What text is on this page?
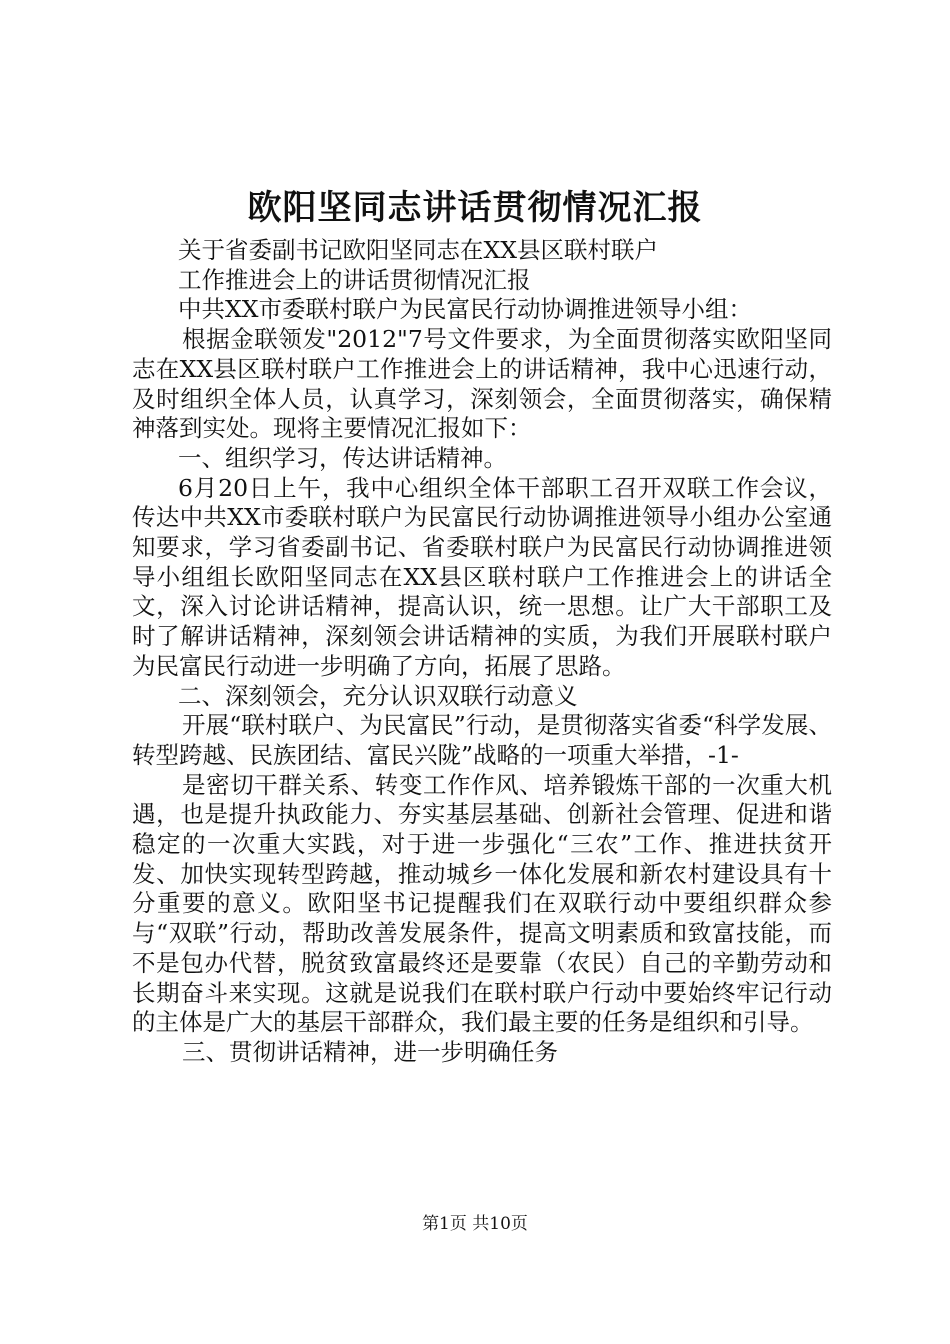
欧阳坚同志讲话贯彻情况汇报

关于省委副书记欧阳坚同志在XX县区联村联户

工作推进会上的讲话贯彻情况汇报

中共XX市委联村联户为民富民行动协调推进领导小组：

根据金联领发"2012"7号文件要求，为全面贯彻落实欧阳坚同志在XX县区联村联户工作推进会上的讲话精神，我中心迅速行动，及时组织全体人员，认真学习，深刻领会，全面贯彻落实，确保精神落到实处。现将主要情况汇报如下：

一、组织学习，传达讲话精神。

6月20日上午，我中心组织全体干部职工召开双联工作会议，传达中共XX市委联村联户为民富民行动协调推进领导小组办公室通知要求，学习省委副书记、省委联村联户为民富民行动协调推进领导小组组长欧阳坚同志在XX县区联村联户工作推进会上的讲话全文，深入讨论讲话精神，提高认识，统一思想。让广大干部职工及时了解讲话精神，深刻领会讲话精神的实质，为我们开展联村联户为民富民行动进一步明确了方向，拓展了思路。

二、深刻领会，充分认识双联行动意义

开展“联村联户、为民富民”行动，是贯彻落实省委“科学发展、转型跨越、民族团结、富民兴陇”战略的一项重大举措，-1-

是密切干群关系、转变工作作风、培养锻炼干部的一次重大机遇，也是提升执政能力、夯实基层基础、创新社会管理、促进和谐稳定的一次重大实践，对于进一步强化“三农”工作、推进扶贫开发、加快实现转型跨越，推动城乡一体化发展和新农村建设具有十分重要的意义。欧阳坚书记提醒我们在双联行动中要组织群众参与“双联”行动，帮助改善发展条件，提高文明素质和致富技能，而不是包办代替，脱贫致富最终还是要靠（农民）自己的辛勤劳动和长期奋斗来实现。这就是说我们在联村联户行动中要始终牢记行动的主体是广大的基层干部群众，我们最主要的任务是组织和引导。

三、贯彻讲话精神，进一步明确任务

第1页 共10页
